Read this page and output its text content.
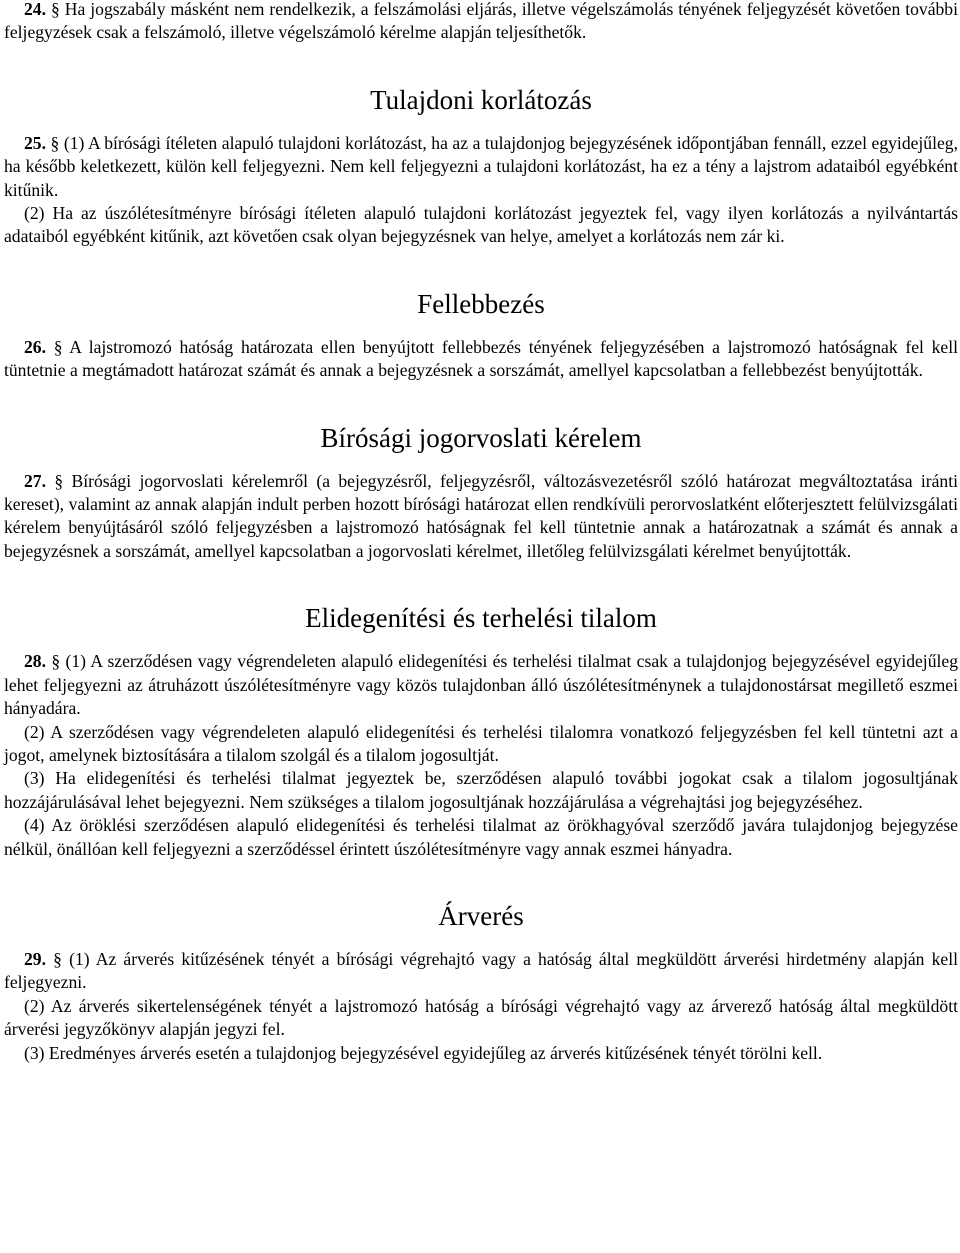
24. § Ha jogszabály másként nem rendelkezik, a felszámolási eljárás, illetve végelszámolás tényének feljegyzését követően további feljegyzések csak a felszámoló, illetve végelszámoló kérelme alapján teljesíthetők.

Tulajdoni korlátozás

25. § (1) A bírósági ítéleten alapuló tulajdoni korlátozást, ha az a tulajdonjog bejegyzésének időpontjában fennáll, ezzel egyidejűleg, ha később keletkezett, külön kell feljegyezni. Nem kell feljegyezni a tulajdoni korlátozást, ha ez a tény a lajstrom adataiból egyébként kitűnik.

(2) Ha az úszólétesítményre bírósági ítéleten alapuló tulajdoni korlátozást jegyeztek fel, vagy ilyen korlátozás a nyilvántartás adataiból egyébként kitűnik, azt követően csak olyan bejegyzésnek van helye, amelyet a korlátozás nem zár ki.

Fellebbezés

26. § A lajstromozó hatóság határozata ellen benyújtott fellebbezés tényének feljegyzésében a lajstromozó hatóságnak fel kell tüntetnie a megtámadott határozat számát és annak a bejegyzésnek a sorszámát, amellyel kapcsolatban a fellebbezést benyújtották.

Bírósági jogorvoslati kérelem

27. § Bírósági jogorvoslati kérelemről (a bejegyzésről, feljegyzésről, változásvezetésről szóló határozat megváltoztatása iránti kereset), valamint az annak alapján indult perben hozott bírósági határozat ellen rendkívüli perorvoslatként előterjesztett felülvizsgálati kérelem benyújtásáról szóló feljegyzésben a lajstromozó hatóságnak fel kell tüntetnie annak a határozatnak a számát és annak a bejegyzésnek a sorszámát, amellyel kapcsolatban a jogorvoslati kérelmet, illetőleg felülvizsgálati kérelmet benyújtották.

Elidegenítési és terhelési tilalom

28. § (1) A szerződésen vagy végrendeleten alapuló elidegenítési és terhelési tilalmat csak a tulajdonjog bejegyzésével egyidejűleg lehet feljegyezni az átruházott úszólétesítményre vagy közös tulajdonban álló úszólétesítménynek a tulajdonostársat megillető eszmei hányadára.

(2) A szerződésen vagy végrendeleten alapuló elidegenítési és terhelési tilalomra vonatkozó feljegyzésben fel kell tüntetni azt a jogot, amelynek biztosítására a tilalom szolgál és a tilalom jogosultját.

(3) Ha elidegenítési és terhelési tilalmat jegyeztek be, szerződésen alapuló további jogokat csak a tilalom jogosultjának hozzájárulásával lehet bejegyezni. Nem szükséges a tilalom jogosultjának hozzájárulása a végrehajtási jog bejegyzéséhez.

(4) Az öröklési szerződésen alapuló elidegenítési és terhelési tilalmat az örökhagyóval szerződő javára tulajdonjog bejegyzése nélkül, önállóan kell feljegyezni a szerződéssel érintett úszólétesítményre vagy annak eszmei hányadra.

Árverés

29. § (1) Az árverés kitűzésének tényét a bírósági végrehajtó vagy a hatóság által megküldött árverési hirdetmény alapján kell feljegyezni.

(2) Az árverés sikertelenségének tényét a lajstromozó hatóság a bírósági végrehajtó vagy az árverező hatóság által megküldött árverési jegyzőkönyv alapján jegyzi fel.

(3) Eredményes árverés esetén a tulajdonjog bejegyzésével egyidejűleg az árverés kitűzésének tényét törölni kell.
